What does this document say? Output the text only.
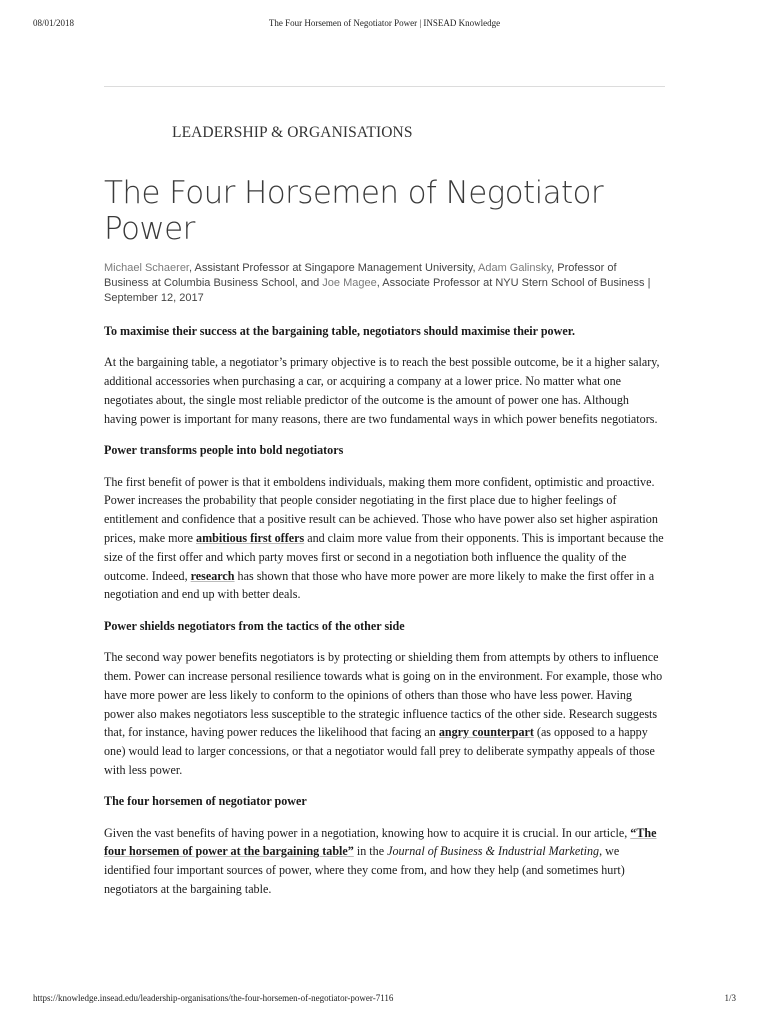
08/01/2018	The Four Horsemen of Negotiator Power | INSEAD Knowledge
LEADERSHIP & ORGANISATIONS
The Four Horsemen of Negotiator Power
Michael Schaerer, Assistant Professor at Singapore Management University, Adam Galinsky, Professor of Business at Columbia Business School, and Joe Magee, Associate Professor at NYU Stern School of Business | September 12, 2017

To maximise their success at the bargaining table, negotiators should maximise their power.

At the bargaining table, a negotiator’s primary objective is to reach the best possible outcome, be it a higher salary, additional accessories when purchasing a car, or acquiring a company at a lower price. No matter what one negotiates about, the single most reliable predictor of the outcome is the amount of power one has. Although having power is important for many reasons, there are two fundamental ways in which power benefits negotiators.

Power transforms people into bold negotiators

The first benefit of power is that it emboldens individuals, making them more confident, optimistic and proactive. Power increases the probability that people consider negotiating in the first place due to higher feelings of entitlement and confidence that a positive result can be achieved. Those who have power also set higher aspiration prices, make more ambitious first offers and claim more value from their opponents. This is important because the size of the first offer and which party moves first or second in a negotiation both influence the quality of the outcome. Indeed, research has shown that those who have more power are more likely to make the first offer in a negotiation and end up with better deals.

Power shields negotiators from the tactics of the other side

The second way power benefits negotiators is by protecting or shielding them from attempts by others to influence them. Power can increase personal resilience towards what is going on in the environment. For example, those who have more power are less likely to conform to the opinions of others than those who have less power. Having power also makes negotiators less susceptible to the strategic influence tactics of the other side. Research suggests that, for instance, having power reduces the likelihood that facing an angry counterpart (as opposed to a happy one) would lead to larger concessions, or that a negotiator would fall prey to deliberate sympathy appeals of those with less power.

The four horsemen of negotiator power

Given the vast benefits of having power in a negotiation, knowing how to acquire it is crucial. In our article, “The four horsemen of power at the bargaining table” in the Journal of Business & Industrial Marketing, we identified four important sources of power, where they come from, and how they help (and sometimes hurt) negotiators at the bargaining table.

https://knowledge.insead.edu/leadership-organisations/the-four-horsemen-of-negotiator-power-7116	1/3
